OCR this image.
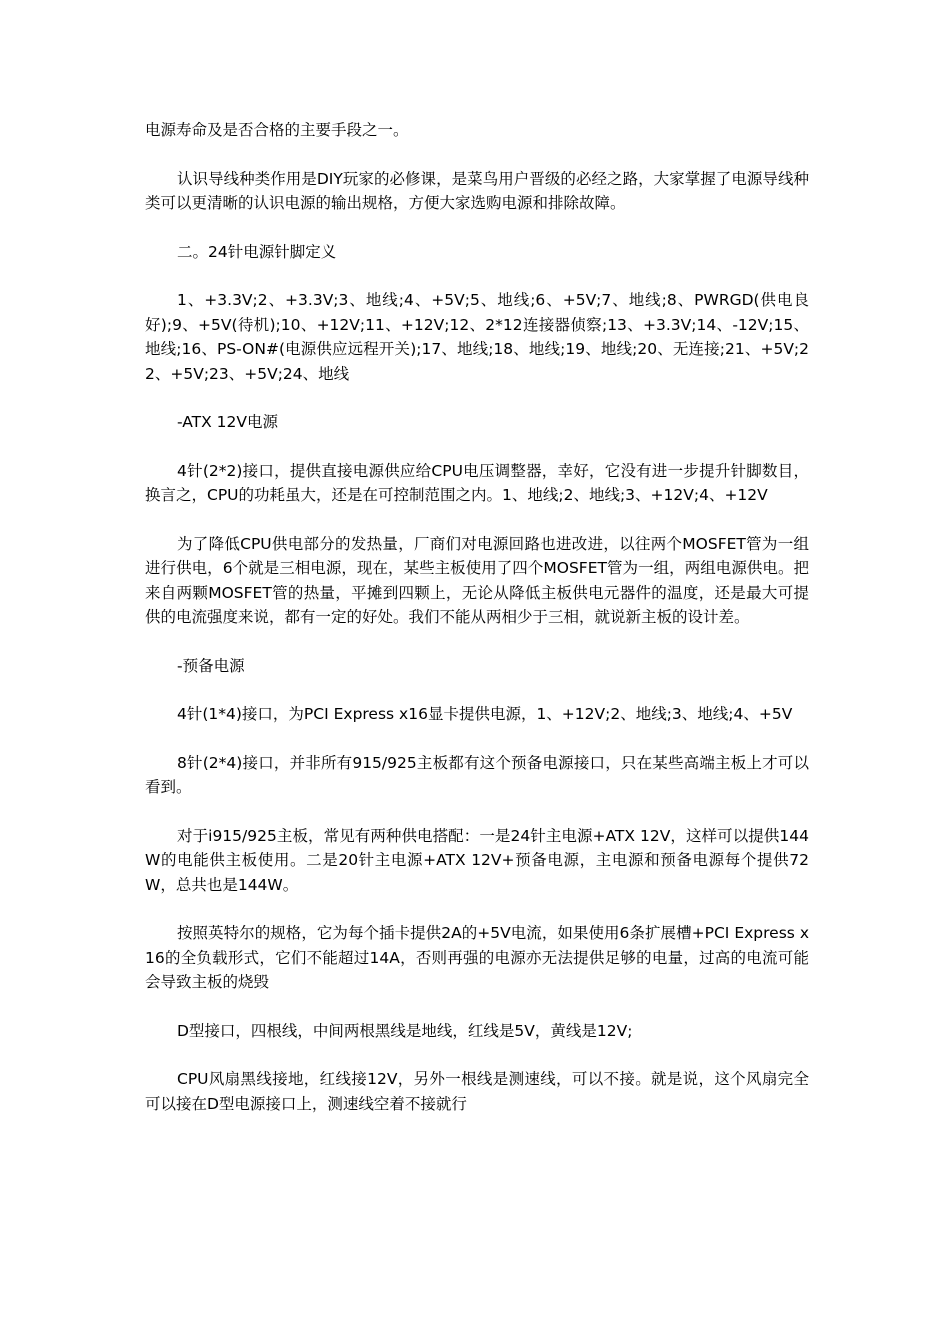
电源寿命及是否合格的主要手段之一。

认识导线种类作用是DIY玩家的必修课，是菜鸟用户晋级的必经之路，大家掌握了电源导线种类可以更清晰的认识电源的输出规格，方便大家选购电源和排除故障。

二。24针电源针脚定义

1、+3.3V;2、+3.3V;3、地线;4、+5V;5、地线;6、+5V;7、地线;8、PWRGD(供电良好);9、+5V(待机);10、+12V;11、+12V;12、2*12连接器侦察;13、+3.3V;14、-12V;15、地线;16、PS-ON#(电源供应远程开关);17、地线;18、地线;19、地线;20、无连接;21、+5V;22、+5V;23、+5V;24、地线

-ATX 12V电源

4针(2*2)接口，提供直接电源供应给CPU电压调整器，幸好，它没有进一步提升针脚数目，换言之，CPU的功耗虽大，还是在可控制范围之内。1、地线;2、地线;3、+12V;4、+12V

为了降低CPU供电部分的发热量，厂商们对电源回路也进改进，以往两个MOSFET管为一组进行供电，6个就是三相电源，现在，某些主板使用了四个MOSFET管为一组，两组电源供电。把来自两颗MOSFET管的热量，平摊到四颗上，无论从降低主板供电元器件的温度，还是最大可提供的电流强度来说，都有一定的好处。我们不能从两相少于三相，就说新主板的设计差。

-预备电源

4针(1*4)接口，为PCI Express x16显卡提供电源，1、+12V;2、地线;3、地线;4、+5V

8针(2*4)接口，并非所有915/925主板都有这个预备电源接口，只在某些高端主板上才可以看到。

对于i915/925主板，常见有两种供电搭配：一是24针主电源+ATX 12V，这样可以提供144W的电能供主板使用。二是20针主电源+ATX 12V+预备电源，主电源和预备电源每个提供72W，总共也是144W。

按照英特尔的规格，它为每个插卡提供2A的+5V电流，如果使用6条扩展槽+PCI Express x16的全负载形式，它们不能超过14A，否则再强的电源亦无法提供足够的电量，过高的电流可能会导致主板的烧毁

D型接口，四根线，中间两根黑线是地线，红线是5V，黄线是12V;

CPU风扇黑线接地，红线接12V，另外一根线是测速线，可以不接。就是说，这个风扇完全可以接在D型电源接口上，测速线空着不接就行
